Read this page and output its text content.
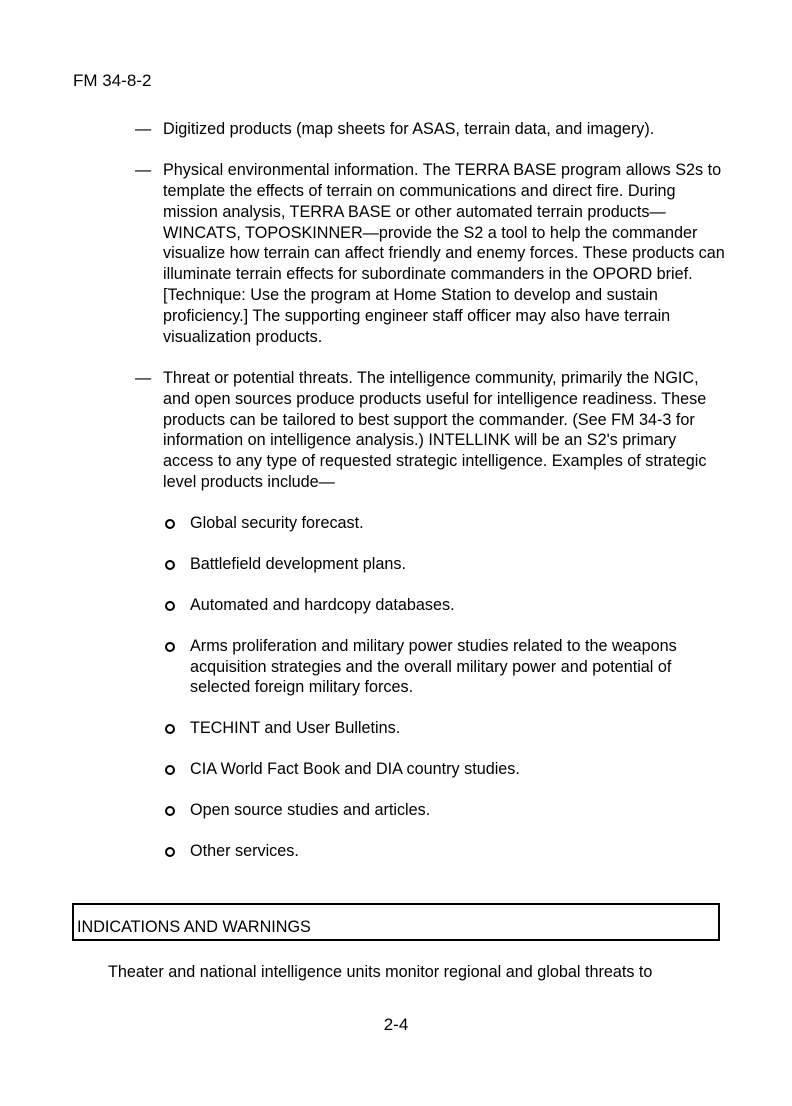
FM 34-8-2
— Digitized products (map sheets for ASAS, terrain data, and imagery).
— Physical environmental information. The TERRA BASE program allows S2s to template the effects of terrain on communications and direct fire. During mission analysis, TERRA BASE or other automated terrain products—WINCATS, TOPOSKINNER—provide the S2 a tool to help the commander visualize how terrain can affect friendly and enemy forces. These products can illuminate terrain effects for subordinate commanders in the OPORD brief. [Technique: Use the program at Home Station to develop and sustain proficiency.] The supporting engineer staff officer may also have terrain visualization products.
— Threat or potential threats. The intelligence community, primarily the NGIC, and open sources produce products useful for intelligence readiness. These products can be tailored to best support the commander. (See FM 34-3 for information on intelligence analysis.) INTELLINK will be an S2's primary access to any type of requested strategic intelligence. Examples of strategic level products include—
Global security forecast.
Battlefield development plans.
Automated and hardcopy databases.
Arms proliferation and military power studies related to the weapons acquisition strategies and the overall military power and potential of selected foreign military forces.
TECHINT and User Bulletins.
CIA World Fact Book and DIA country studies.
Open source studies and articles.
Other services.
INDICATIONS AND WARNINGS
Theater and national intelligence units monitor regional and global threats to
2-4
